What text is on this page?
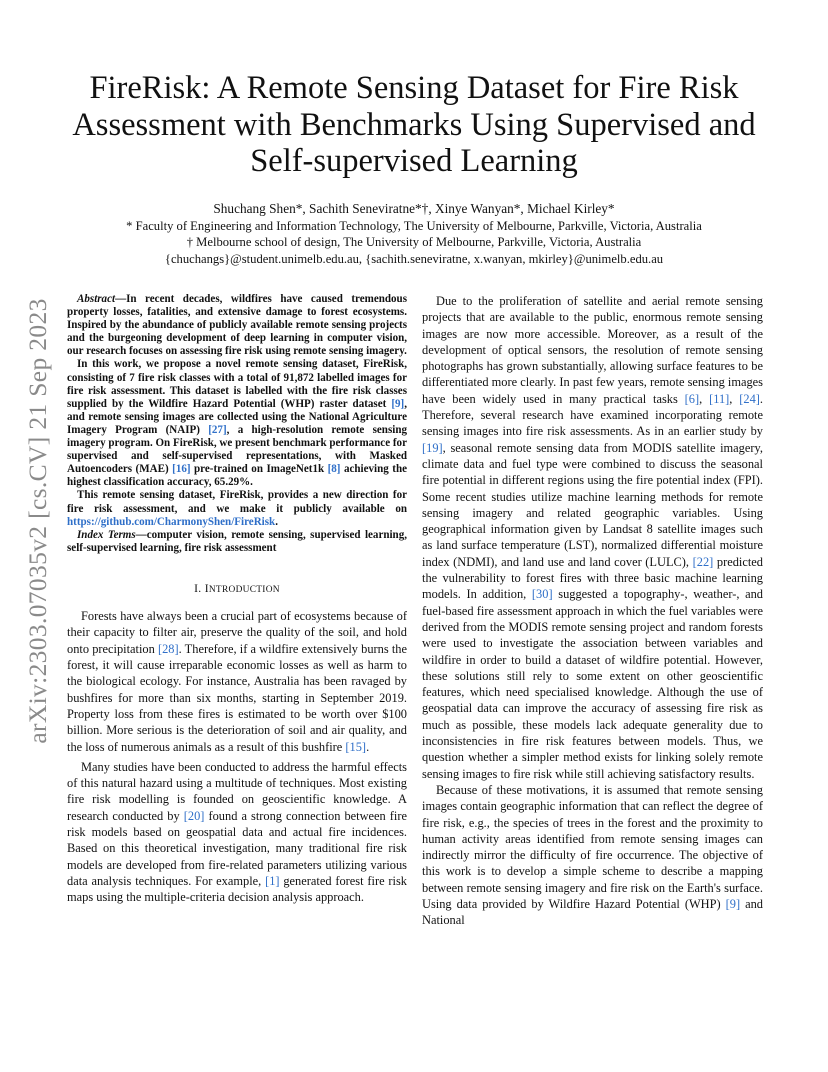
arXiv:2303.07035v2 [cs.CV] 21 Sep 2023
FireRisk: A Remote Sensing Dataset for Fire Risk
Assessment with Benchmarks Using Supervised and
Self-supervised Learning
Shuchang Shen*, Sachith Seneviratne*†, Xinye Wanyan*, Michael Kirley*
* Faculty of Engineering and Information Technology, The University of Melbourne, Parkville, Victoria, Australia
† Melbourne school of design, The University of Melbourne, Parkville, Victoria, Australia
{chuchangs}@student.unimelb.edu.au, {sachith.seneviratne, x.wanyan, mkirley}@unimelb.edu.au

Abstract—In recent decades, wildfires have caused tremendous property losses, fatalities, and extensive damage to forest ecosystems. Inspired by the abundance of publicly available remote sensing projects and the burgeoning development of deep learning in computer vision, our research focuses on assessing fire risk using remote sensing imagery.

In this work, we propose a novel remote sensing dataset, FireRisk, consisting of 7 fire risk classes with a total of 91,872 labelled images for fire risk assessment. This dataset is labelled with the fire risk classes supplied by the Wildfire Hazard Potential (WHP) raster dataset [9], and remote sensing images are collected using the National Agriculture Imagery Program (NAIP) [27], a high-resolution remote sensing imagery program. On FireRisk, we present benchmark performance for supervised and self-supervised representations, with Masked Autoencoders (MAE) [16] pre-trained on ImageNet1k [8] achieving the highest classification accuracy, 65.29%.

This remote sensing dataset, FireRisk, provides a new direction for fire risk assessment, and we make it publicly available on https://github.com/CharmonyShen/FireRisk.

Index Terms—computer vision, remote sensing, supervised learning, self-supervised learning, fire risk assessment

I. INTRODUCTION

Forests have always been a crucial part of ecosystems because of their capacity to filter air, preserve the quality of the soil, and hold onto precipitation [28]. Therefore, if a wildfire extensively burns the forest, it will cause irreparable economic losses as well as harm to the biological ecology. For instance, Australia has been ravaged by bushfires for more than six months, starting in September 2019. Property loss from these fires is estimated to be worth over $100 billion. More serious is the deterioration of soil and air quality, and the loss of numerous animals as a result of this bushfire [15].

Many studies have been conducted to address the harmful effects of this natural hazard using a multitude of techniques. Most existing fire risk modelling is founded on geoscientific knowledge. A research conducted by [20] found a strong connection between fire risk models based on geospatial data and actual fire incidences. Based on this theoretical investigation, many traditional fire risk models are developed from fire-related parameters utilizing various data analysis techniques. For example, [1] generated forest fire risk maps using the multiple-criteria decision analysis approach.

Due to the proliferation of satellite and aerial remote sensing projects that are available to the public, enormous remote sensing images are now more accessible. Moreover, as a result of the development of optical sensors, the resolution of remote sensing photographs has grown substantially, allowing surface features to be differentiated more clearly. In past few years, remote sensing images have been widely used in many practical tasks [6], [11], [24]. Therefore, several research have examined incorporating remote sensing images into fire risk assessments. As in an earlier study by [19], seasonal remote sensing data from MODIS satellite imagery, climate data and fuel type were combined to discuss the seasonal fire potential in different regions using the fire potential index (FPI). Some recent studies utilize machine learning methods for remote sensing imagery and related geographic variables. Using geographical information given by Landsat 8 satellite images such as land surface temperature (LST), normalized differential moisture index (NDMI), and land use and land cover (LULC), [22] predicted the vulnerability to forest fires with three basic machine learning models. In addition, [30] suggested a topography-, weather-, and fuel-based fire assessment approach in which the fuel variables were derived from the MODIS remote sensing project and random forests were used to investigate the association between variables and wildfire in order to build a dataset of wildfire potential. However, these solutions still rely to some extent on other geoscientific features, which need specialised knowledge. Although the use of geospatial data can improve the accuracy of assessing fire risk as much as possible, these models lack adequate generality due to inconsistencies in fire risk features between models. Thus, we question whether a simpler method exists for linking solely remote sensing images to fire risk while still achieving satisfactory results.

Because of these motivations, it is assumed that remote sensing images contain geographic information that can reflect the degree of fire risk, e.g., the species of trees in the forest and the proximity to human activity areas identified from remote sensing images can indirectly mirror the difficulty of fire occurrence. The objective of this work is to develop a simple scheme to describe a mapping between remote sensing imagery and fire risk on the Earth's surface. Using data provided by Wildfire Hazard Potential (WHP) [9] and National
